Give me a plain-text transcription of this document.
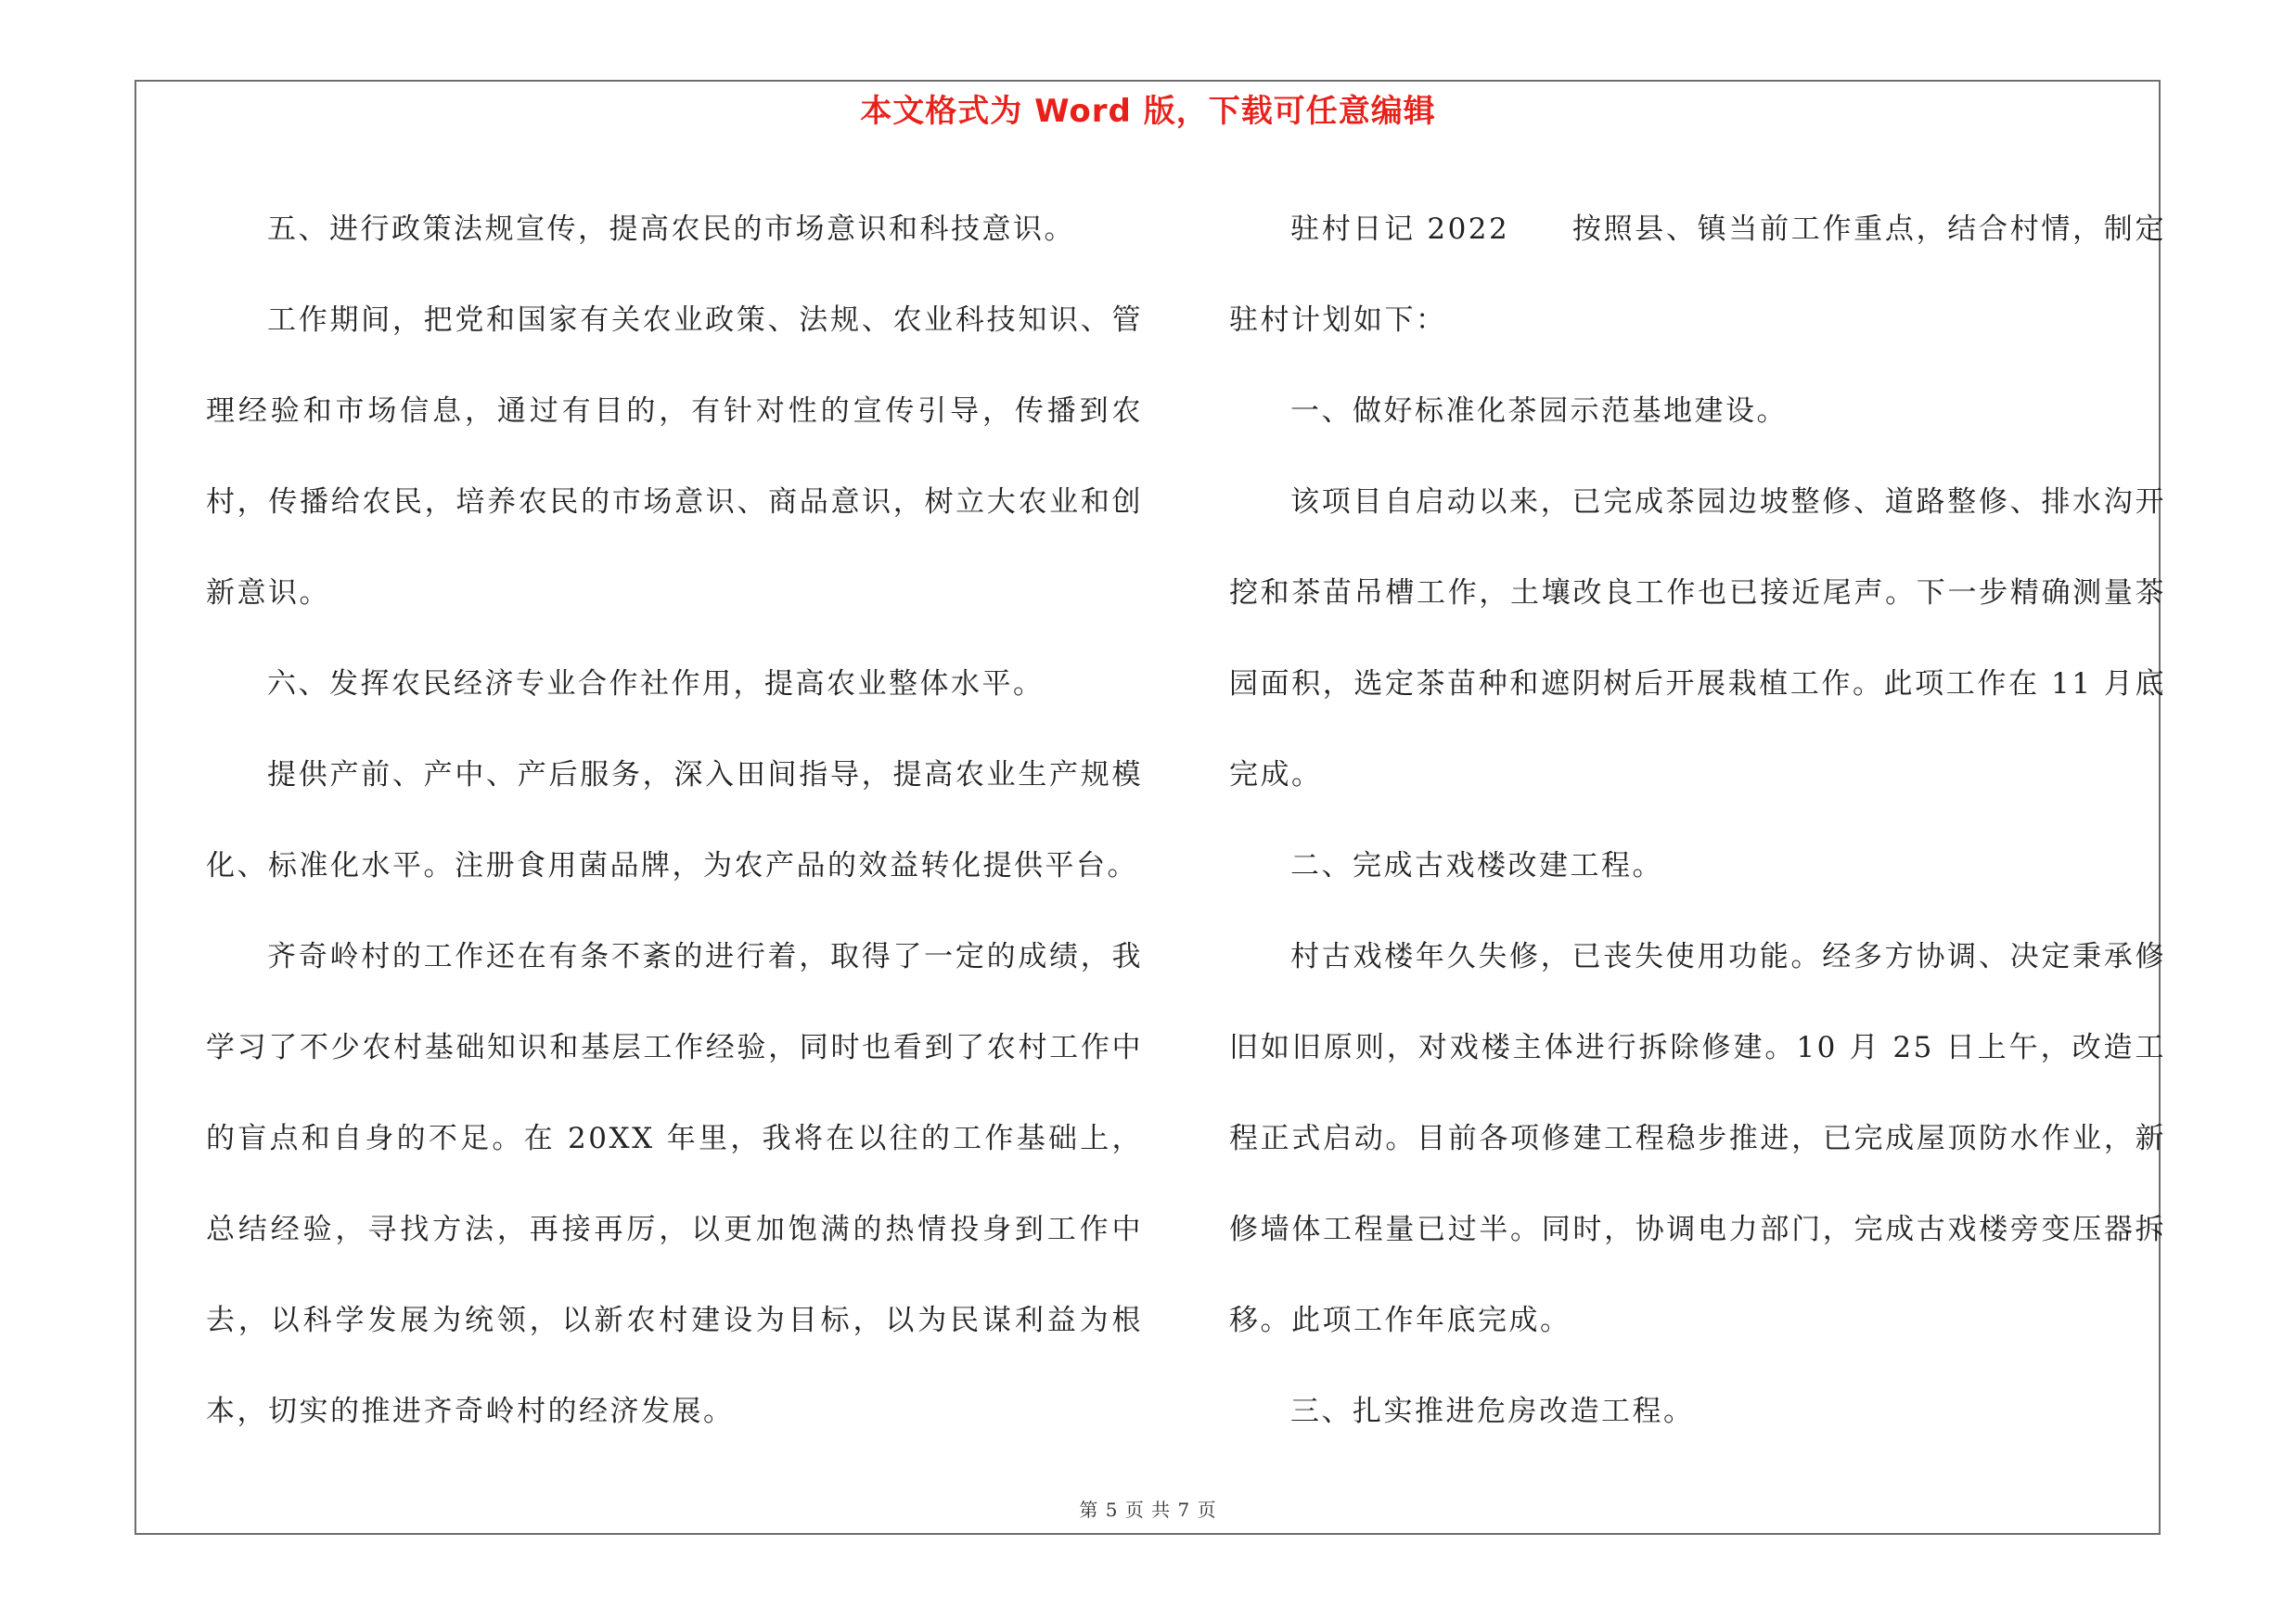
本文格式为 Word 版，下载可任意编辑

五、进行政策法规宣传，提高农民的市场意识和科技意识。

工作期间，把党和国家有关农业政策、法规、农业科技知识、管理经验和市场信息，通过有目的，有针对性的宣传引导，传播到农村，传播给农民，培养农民的市场意识、商品意识，树立大农业和创新意识。

六、发挥农民经济专业合作社作用，提高农业整体水平。

提供产前、产中、产后服务，深入田间指导，提高农业生产规模化、标准化水平。注册食用菌品牌，为农产品的效益转化提供平台。

齐奇岭村的工作还在有条不紊的进行着，取得了一定的成绩，我学习了不少农村基础知识和基层工作经验，同时也看到了农村工作中的盲点和自身的不足。在 20XX 年里，我将在以往的工作基础上，总结经验，寻找方法，再接再厉，以更加饱满的热情投身到工作中去，以科学发展为统领，以新农村建设为目标，以为民谋利益为根本，切实的推进齐奇岭村的经济发展。

驻村日记 2022　　按照县、镇当前工作重点，结合村情，制定驻村计划如下：

一、做好标准化茶园示范基地建设。

该项目自启动以来，已完成茶园边坡整修、道路整修、排水沟开挖和茶苗吊槽工作，土壤改良工作也已接近尾声。下一步精确测量茶园面积，选定茶苗种和遮阴树后开展栽植工作。此项工作在 11 月底完成。

二、完成古戏楼改建工程。

村古戏楼年久失修，已丧失使用功能。经多方协调、决定秉承修旧如旧原则，对戏楼主体进行拆除修建。10 月 25 日上午，改造工程正式启动。目前各项修建工程稳步推进，已完成屋顶防水作业，新修墙体工程量已过半。同时，协调电力部门，完成古戏楼旁变压器拆移。此项工作年底完成。

三、扎实推进危房改造工程。

第 5 页 共 7 页
